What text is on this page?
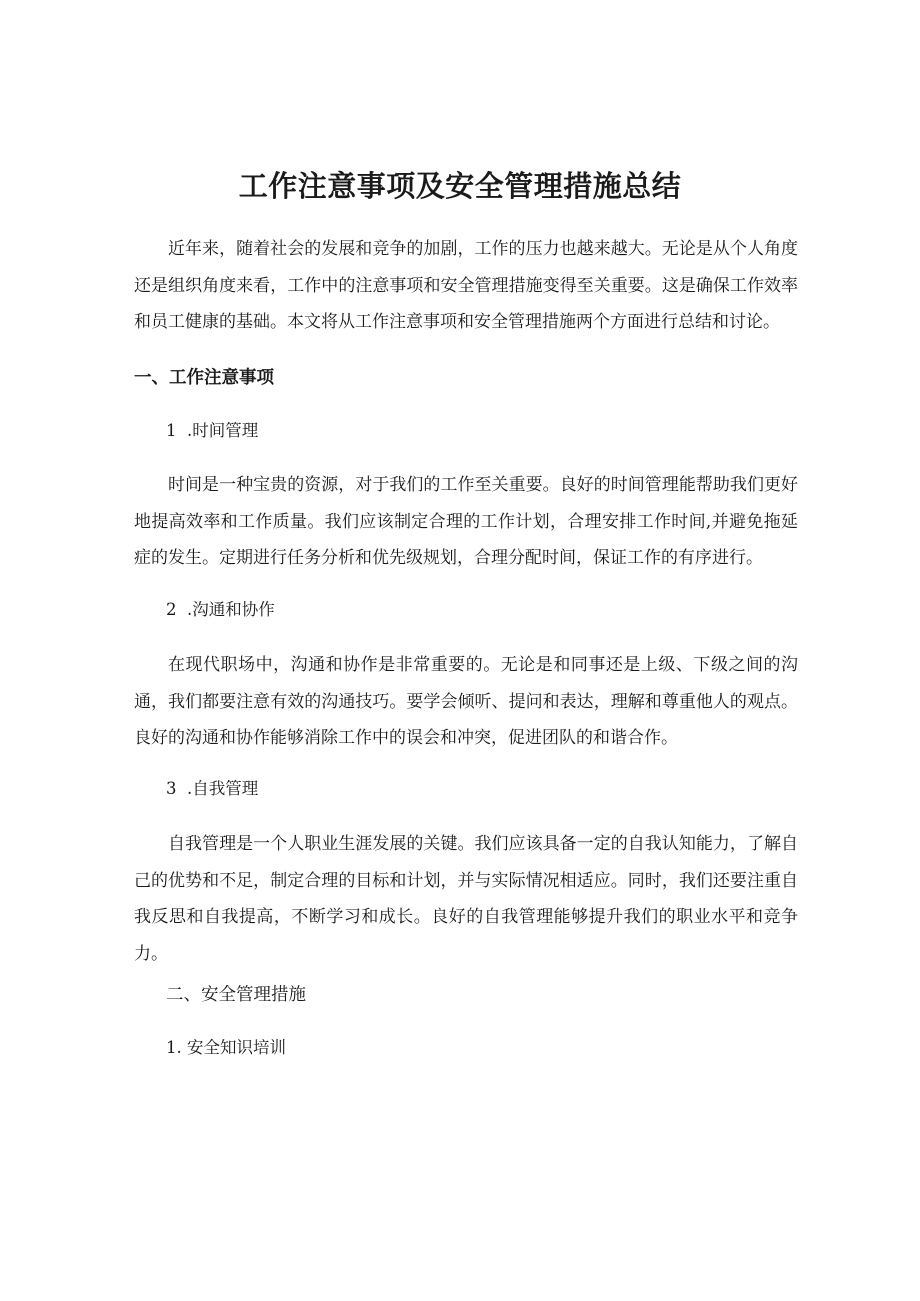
工作注意事项及安全管理措施总结

近年来，随着社会的发展和竞争的加剧，工作的压力也越来越大。无论是从个人角度还是组织角度来看，工作中的注意事项和安全管理措施变得至关重要。这是确保工作效率和员工健康的基础。本文将从工作注意事项和安全管理措施两个方面进行总结和讨论。

一、工作注意事项
1  .时间管理

时间是一种宝贵的资源，对于我们的工作至关重要。良好的时间管理能帮助我们更好地提高效率和工作质量。我们应该制定合理的工作计划，合理安排工作时间,并避免拖延症的发生。定期进行任务分析和优先级规划，合理分配时间，保证工作的有序进行。

2  .沟通和协作

在现代职场中，沟通和协作是非常重要的。无论是和同事还是上级、下级之间的沟通，我们都要注意有效的沟通技巧。要学会倾听、提问和表达，理解和尊重他人的观点。良好的沟通和协作能够消除工作中的误会和冲突，促进团队的和谐合作。

3  .自我管理

自我管理是一个人职业生涯发展的关键。我们应该具备一定的自我认知能力，了解自己的优势和不足，制定合理的目标和计划，并与实际情况相适应。同时，我们还要注重自我反思和自我提高，不断学习和成长。良好的自我管理能够提升我们的职业水平和竞争力。

二、安全管理措施
1. 安全知识培训
